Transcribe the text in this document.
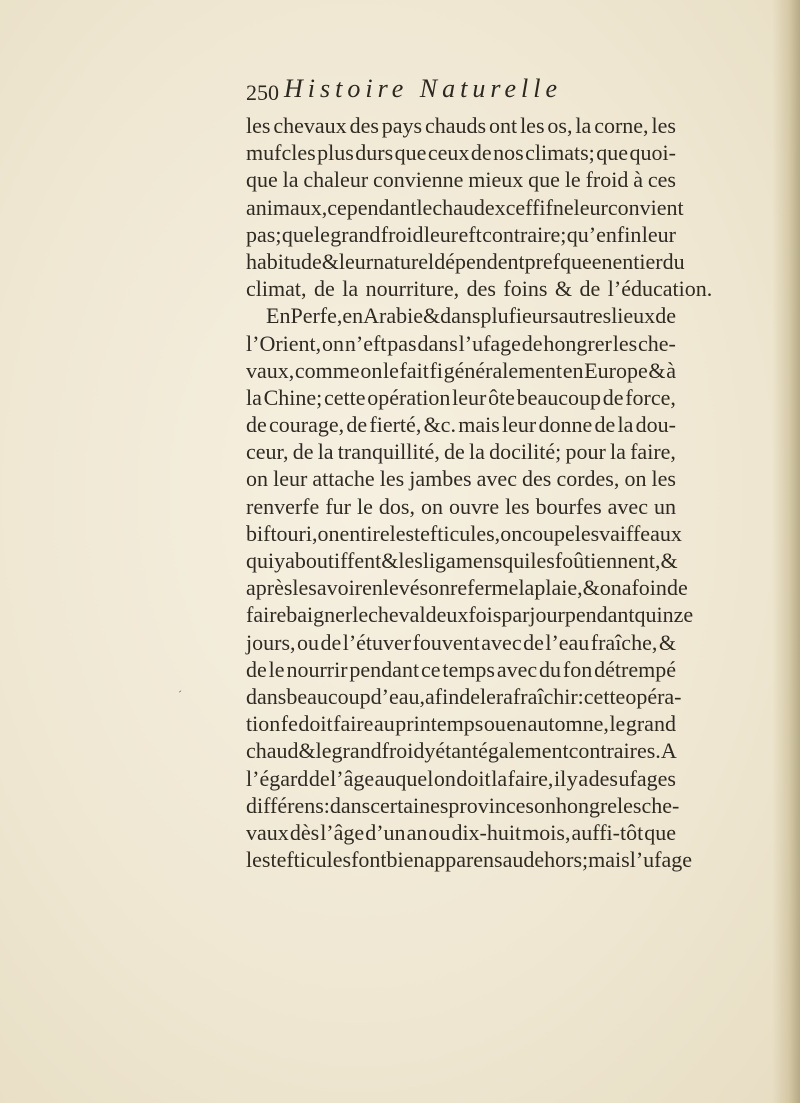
250 Histoire Naturelle
ˊ
les chevaux des pays chauds ont les os, la corne, les
mufcles plus durs que ceux de nos climats; que quoi-
que la chaleur convienne mieux que le froid à ces
animaux, cependant le chaud exceffif ne leur convient
pas; que le grand froid leur eft contraire; qu’enfin leur
habitude & leur naturel dépendent prefque en entier du
climat, de la nourriture, des foins & de l’éducation.
En Perfe, en Arabie & dans plufieurs autres lieux de
l’Orient, on n’eft pas dans l’ufage de hongrer les che-
vaux, comme on le fait fi généralement en Europe & à
la Chine; cette opération leur ôte beaucoup de force,
de courage, de fierté, &c. mais leur donne de la dou-
ceur, de la tranquillité, de la docilité; pour la faire,
on leur attache les jambes avec des cordes, on les
renverfe fur le dos, on ouvre les bourfes avec un
biftouri, on en tire les tefticules, on coupe les vaiffeaux
qui y aboutiffent & les ligamens qui les foûtiennent, &
après les avoir enlevés on referme la plaie, & on a foin de
faire baigner le cheval deux fois par jour pendant quinze
jours, ou de l’étuver fouvent avec de l’eau fraîche, &
de le nourrir pendant ce temps avec du fon détrempé
dans beaucoup d’eau, afin de le rafraîchir : cette opéra-
tion fe doit faire au printemps ou en automne, le grand
chaud & le grand froid y étant également contraires. A
l’égard de l’âge auquel on doit la faire, il y a des ufages
différens : dans certaines provinces on hongre les che-
vaux dès l’âge d’un an ou dix-huit mois, auffi-tôt que
les tefticules font bien apparens au dehors; mais l’ufage
